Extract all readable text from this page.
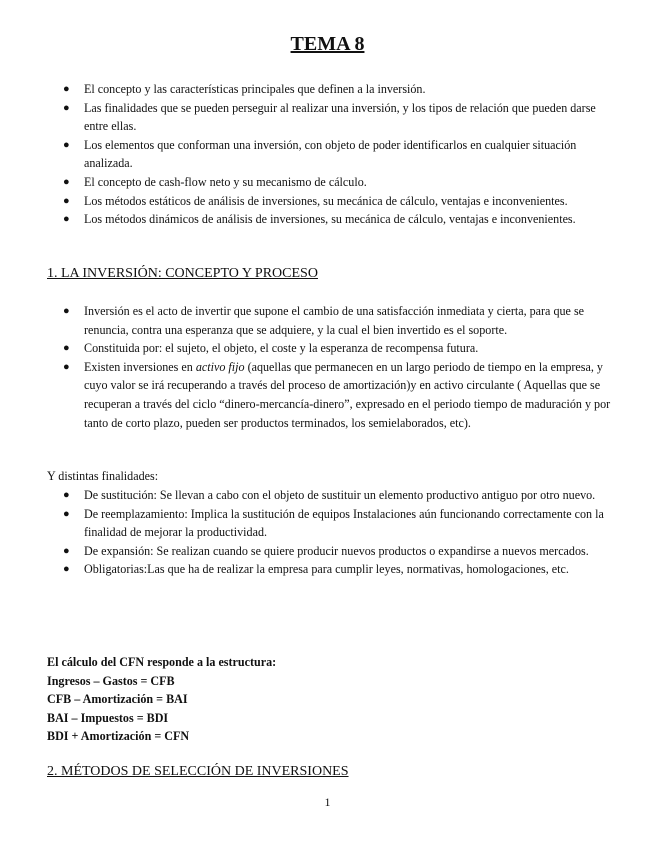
TEMA 8
● El concepto y las características principales que definen a la inversión.
● Las finalidades que se pueden perseguir al realizar una inversión, y los tipos de relación que pueden darse entre ellas.
● Los elementos que conforman una inversión, con objeto de poder identificarlos en cualquier situación analizada.
● El concepto de cash-flow neto y su mecanismo de cálculo.
● Los métodos estáticos de análisis de inversiones, su mecánica de cálculo, ventajas e inconvenientes.
● Los métodos dinámicos de análisis de inversiones, su mecánica de cálculo, ventajas e inconvenientes.
1. LA INVERSIÓN: CONCEPTO Y PROCESO
● Inversión es el acto de invertir que supone el cambio de una satisfacción inmediata y cierta, para que se renuncia, contra una esperanza que se adquiere, y la cual el bien invertido es el soporte.
● Constituida por: el sujeto, el objeto, el coste y la esperanza de recompensa futura.
● Existen inversiones en activo fijo (aquellas que permanecen en un largo periodo de tiempo en la empresa, y cuyo valor se irá recuperando a través del proceso de amortización)y en activo circulante ( Aquellas que se recuperan a través del ciclo “dinero-mercancía-dinero”, expresado en el periodo tiempo de maduración y por tanto de corto plazo, pueden ser productos terminados, los semielaborados, etc).
Y distintas finalidades:
● De sustitución: Se llevan a cabo con el objeto de sustituir un elemento productivo antiguo por otro nuevo.
● De reemplazamiento: Implica la sustitución de equipos Instalaciones aún funcionando correctamente con la finalidad de mejorar la productividad.
● De expansión: Se realizan cuando se quiere producir nuevos productos o expandirse a nuevos mercados.
● Obligatorias:Las que ha de realizar la empresa para cumplir leyes, normativas, homologaciones, etc.
El cálculo del CFN responde a la estructura:
Ingresos – Gastos = CFB
CFB – Amortización = BAI
BAI – Impuestos = BDI
BDI + Amortización = CFN
2. MÉTODOS DE SELECCIÓN DE INVERSIONES
1
